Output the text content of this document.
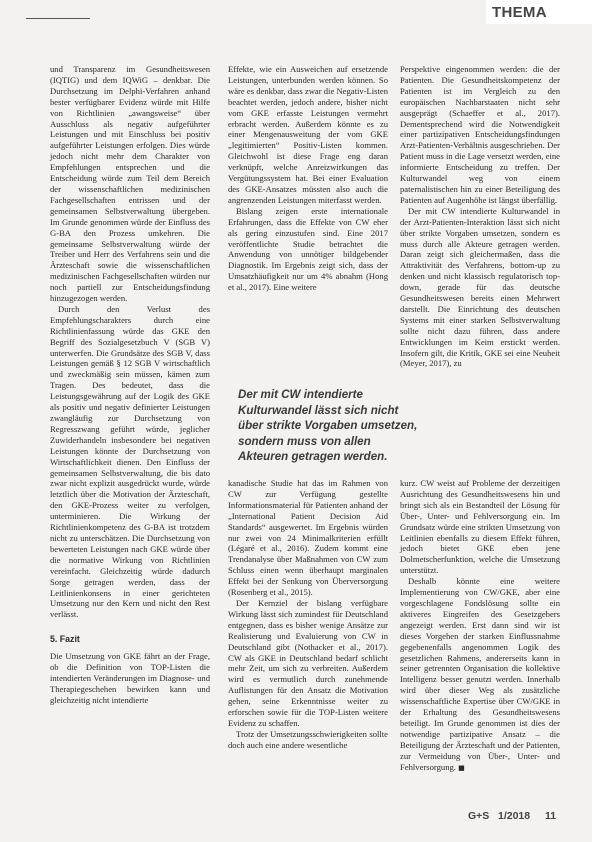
THEMA

und Transparenz im Gesundheitswesen (IQTIG) und dem IQWiG – denkbar. Die Durchsetzung im Delphi-Verfahren anhand bester verfügbarer Evidenz würde mit Hilfe von Richtlinien „awangsweise“ über Ausschluss als negativ aufgeführter Leistungen und mit Einschluss bei positiv aufgeführter Leistungen erfolgen. Dies würde jedoch nicht mehr dem Charakter von Empfehlungen entsprechen und die Entscheidung würde zum Teil dem Bereich der wissenschaftlichen medizinischen Fachgesellschaften entrissen und der gemeinsamen Selbstverwaltung übergeben. Im Grunde genommen würde der Einfluss des G-BA den Prozess umkehren. Die gemeinsame Selbstverwaltung würde der Treiber und Herr des Verfahrens sein und die Ärzteschaft sowie die wissenschaftlichen medizinischen Fachgesellschaften würden nur noch partiell zur Entscheidungsfindung hinzugezogen werden.

Durch den Verlust des Empfehlungscharakters durch eine Richtlinienfassung würde das GKE den Begriff des Sozialgesetzbuch V (SGB V) unterwerfen. Die Grundsätze des SGB V, dass Leistungen gemäß § 12 SGB V wirtschaftlich und zweckmäßig sein müssen, kämen zum Tragen. Des bedeutet, dass die Leistungsgewährung auf der Logik des GKE als positiv und negativ definierter Leistungen zwangläufig zur Durchsetzung von Regresszwang geführt würde, jeglicher Zuwiderhandeln insbesondere bei negativen Leistungen könnte der Durchsetzung von Wirtschaftlichkeit dienen. Den Einfluss der gemeinsamen Selbstverwaltung, die bis dato zwar nicht explizit ausgedrückt wurde, würde letztlich über die Motivation der Ärzteschaft, den GKE-Prozess weiter zu verfolgen, unterminieren. Die Wirkung der Richtlinienkompetenz des G-BA ist trotzdem nicht zu unterschätzen. Die Durchsetzung von bewerteten Leistungen nach GKE würde über die normative Wirkung von Richtlinien vereinfacht. Gleichzeitig würde dadurch Sorge getragen werden, dass der Leitlinienkonsens in einer gerichteten Umsetzung nur den Kern und nicht den Rest verlässt.

5. Fazit

Die Umsetzung von GKE fährt an der Frage, ob die Definition von TOP-Listen die intendierten Veränderungen im Diagnose- und Therapiegeschehen bewirken kann und gleichzeitig nicht intendierte

Effekte, wie ein Ausweichen auf ersetzende Leistungen, unterbunden werden können. So wäre es denkbar, dass zwar die Negativ-Listen beachtet werden, jedoch andere, bisher nicht vom GKE erfasste Leistungen vermehrt erbracht werden. Außerdem könnte es zu einer Mengenausweitung der vom GKE „legitimierten“ Positiv-Listen kommen. Gleichwohl ist diese Frage eng daran verknüpft, welche Anreizwirkungen das Vergütungssystem hat. Bei einer Evaluation des GKE-Ansatzes müssten also auch die angrenzenden Leistungen miterfasst werden.

Bislang zeigen erste internationale Erfahrungen, dass die Effekte von CW eher als gering einzustufen sind. Eine 2017 veröffentlichte Studie betrachtet die Anwendung von unnötiger bildgebender Diagnostik. Im Ergebnis zeigt sich, dass der Umsatzhäufigkeit nur um 4% abnahm (Hong et al., 2017). Eine weitere

Perspektive eingenommen werden: die der Patienten. Die Gesundheitskompetenz der Patienten ist im Vergleich zu den europäischen Nachbarstaaten nicht sehr ausgeprägt (Schaeffer et al., 2017). Dementsprechend wird die Notwendigkeit einer partizipativen Entscheidungsfindungen Arzt-Patienten-Verhältnis ausgeschrieben. Der Patient muss in die Lage versetzt werden, eine informierte Entscheidung zu treffen. Der Kulturwandel weg von einem paternalistischen hin zu einer Beteiligung des Patienten auf Augenhöhe ist längst überfällig.

Der mit CW intendierte Kulturwandel in der Arzt-Patienten-Interaktion lässt sich nicht über strikte Vorgaben umsetzen, sondern es muss durch alle Akteure getragen werden. Daran zeigt sich gleichermaßen, dass die Attraktivität des Verfahrens, bottom-up zu denken und nicht klassisch regulatorisch top-down, gerade für das deutsche Gesundheitswesen bereits einen Mehrwert darstellt. Die Einrichtung des deutschen Systems mit einer starken Selbstverwaltung sollte nicht dazu führen, dass andere Entwicklungen im Keim erstickt werden. Insofern gilt, die Kritik, GKE sei eine Neuheit (Meyer, 2017), zu

Der mit CW intendierte Kulturwandel lässt sich nicht über strikte Vorgaben umsetzen, sondern muss von allen Akteuren getragen werden.

kanadische Studie hat das im Rahmen von CW zur Verfügung gestellte Informationsmaterial für Patienten anhand der „International Patient Decision Aid Standards“ ausgewertet. Im Ergebnis würden nur zwei von 24 Minimalkriterien erfüllt (Légaré et al., 2016). Zudem kommt eine Trendanalyse über Maßnahmen von CW zum Schluss einen wenn überhaupt marginalen Effekt bei der Senkung von Überversorgung (Rosenberg et al., 2015).

Der Kernziel der bislang verfügbare Wirkung lässt sich zumindest für Deutschland entgegnen, dass es bisher wenige Ansätze zur Realisierung und Evaluierung von CW in Deutschland gibt (Nothacker et al., 2017). CW als GKE in Deutschland bedarf schlicht mehr Zeit, um sich zu verbreiten. Außerdem wird es vermutlich durch zunehmende Auflistungen für den Ansatz die Motivation gehen, seine Erkenntnisse weiter zu erforschen sowie für die TOP-Listen weitere Evidenz zu schaffen.

Trotz der Umsetzungsschwierigkeiten sollte doch auch eine andere wesentliche

kurz. CW weist auf Probleme der derzeitigen Ausrichtung des Gesundheitswesens hin und bringt sich als ein Bestandteil der Lösung für Über-, Unter- und Fehlversorgung ein. Im Grundsatz würde eine strikten Umsetzung von Leitlinien ebenfalls zu diesem Effekt führen, jedoch bietet GKE eben jene Dolmetscherfunktion, welche die Umsetzung unterstützt.

Deshalb könnte eine weitere Implementierung von CW/GKE, aber eine vorgeschlagene Fondslösung sollte ein aktiveres Eingreifen des Gesetzgebers angezeigt werden. Erst dann sind wir ist dieses Vorgehen der starken Einflussnahme gegebenenfalls angenommen Logik des gesetzlichen Rahmens, andererseits kann in seiner getrennten Organisation die kollektive Intelligenz besser genutzt werden. Innerhalb wird über dieser Weg als zusätzliche wissenschaftliche Expertise über CW/GKE in der Erhaltung des Gesundheitswesens beteiligt. Im Grunde genommen ist dies der notwendige partizipative Ansatz – die Beteiligung der Ärzteschaft und der Patienten, zur Vermeidung von Über-, Unter- und Fehlversorgung. ■

G+S 1/2018 11
